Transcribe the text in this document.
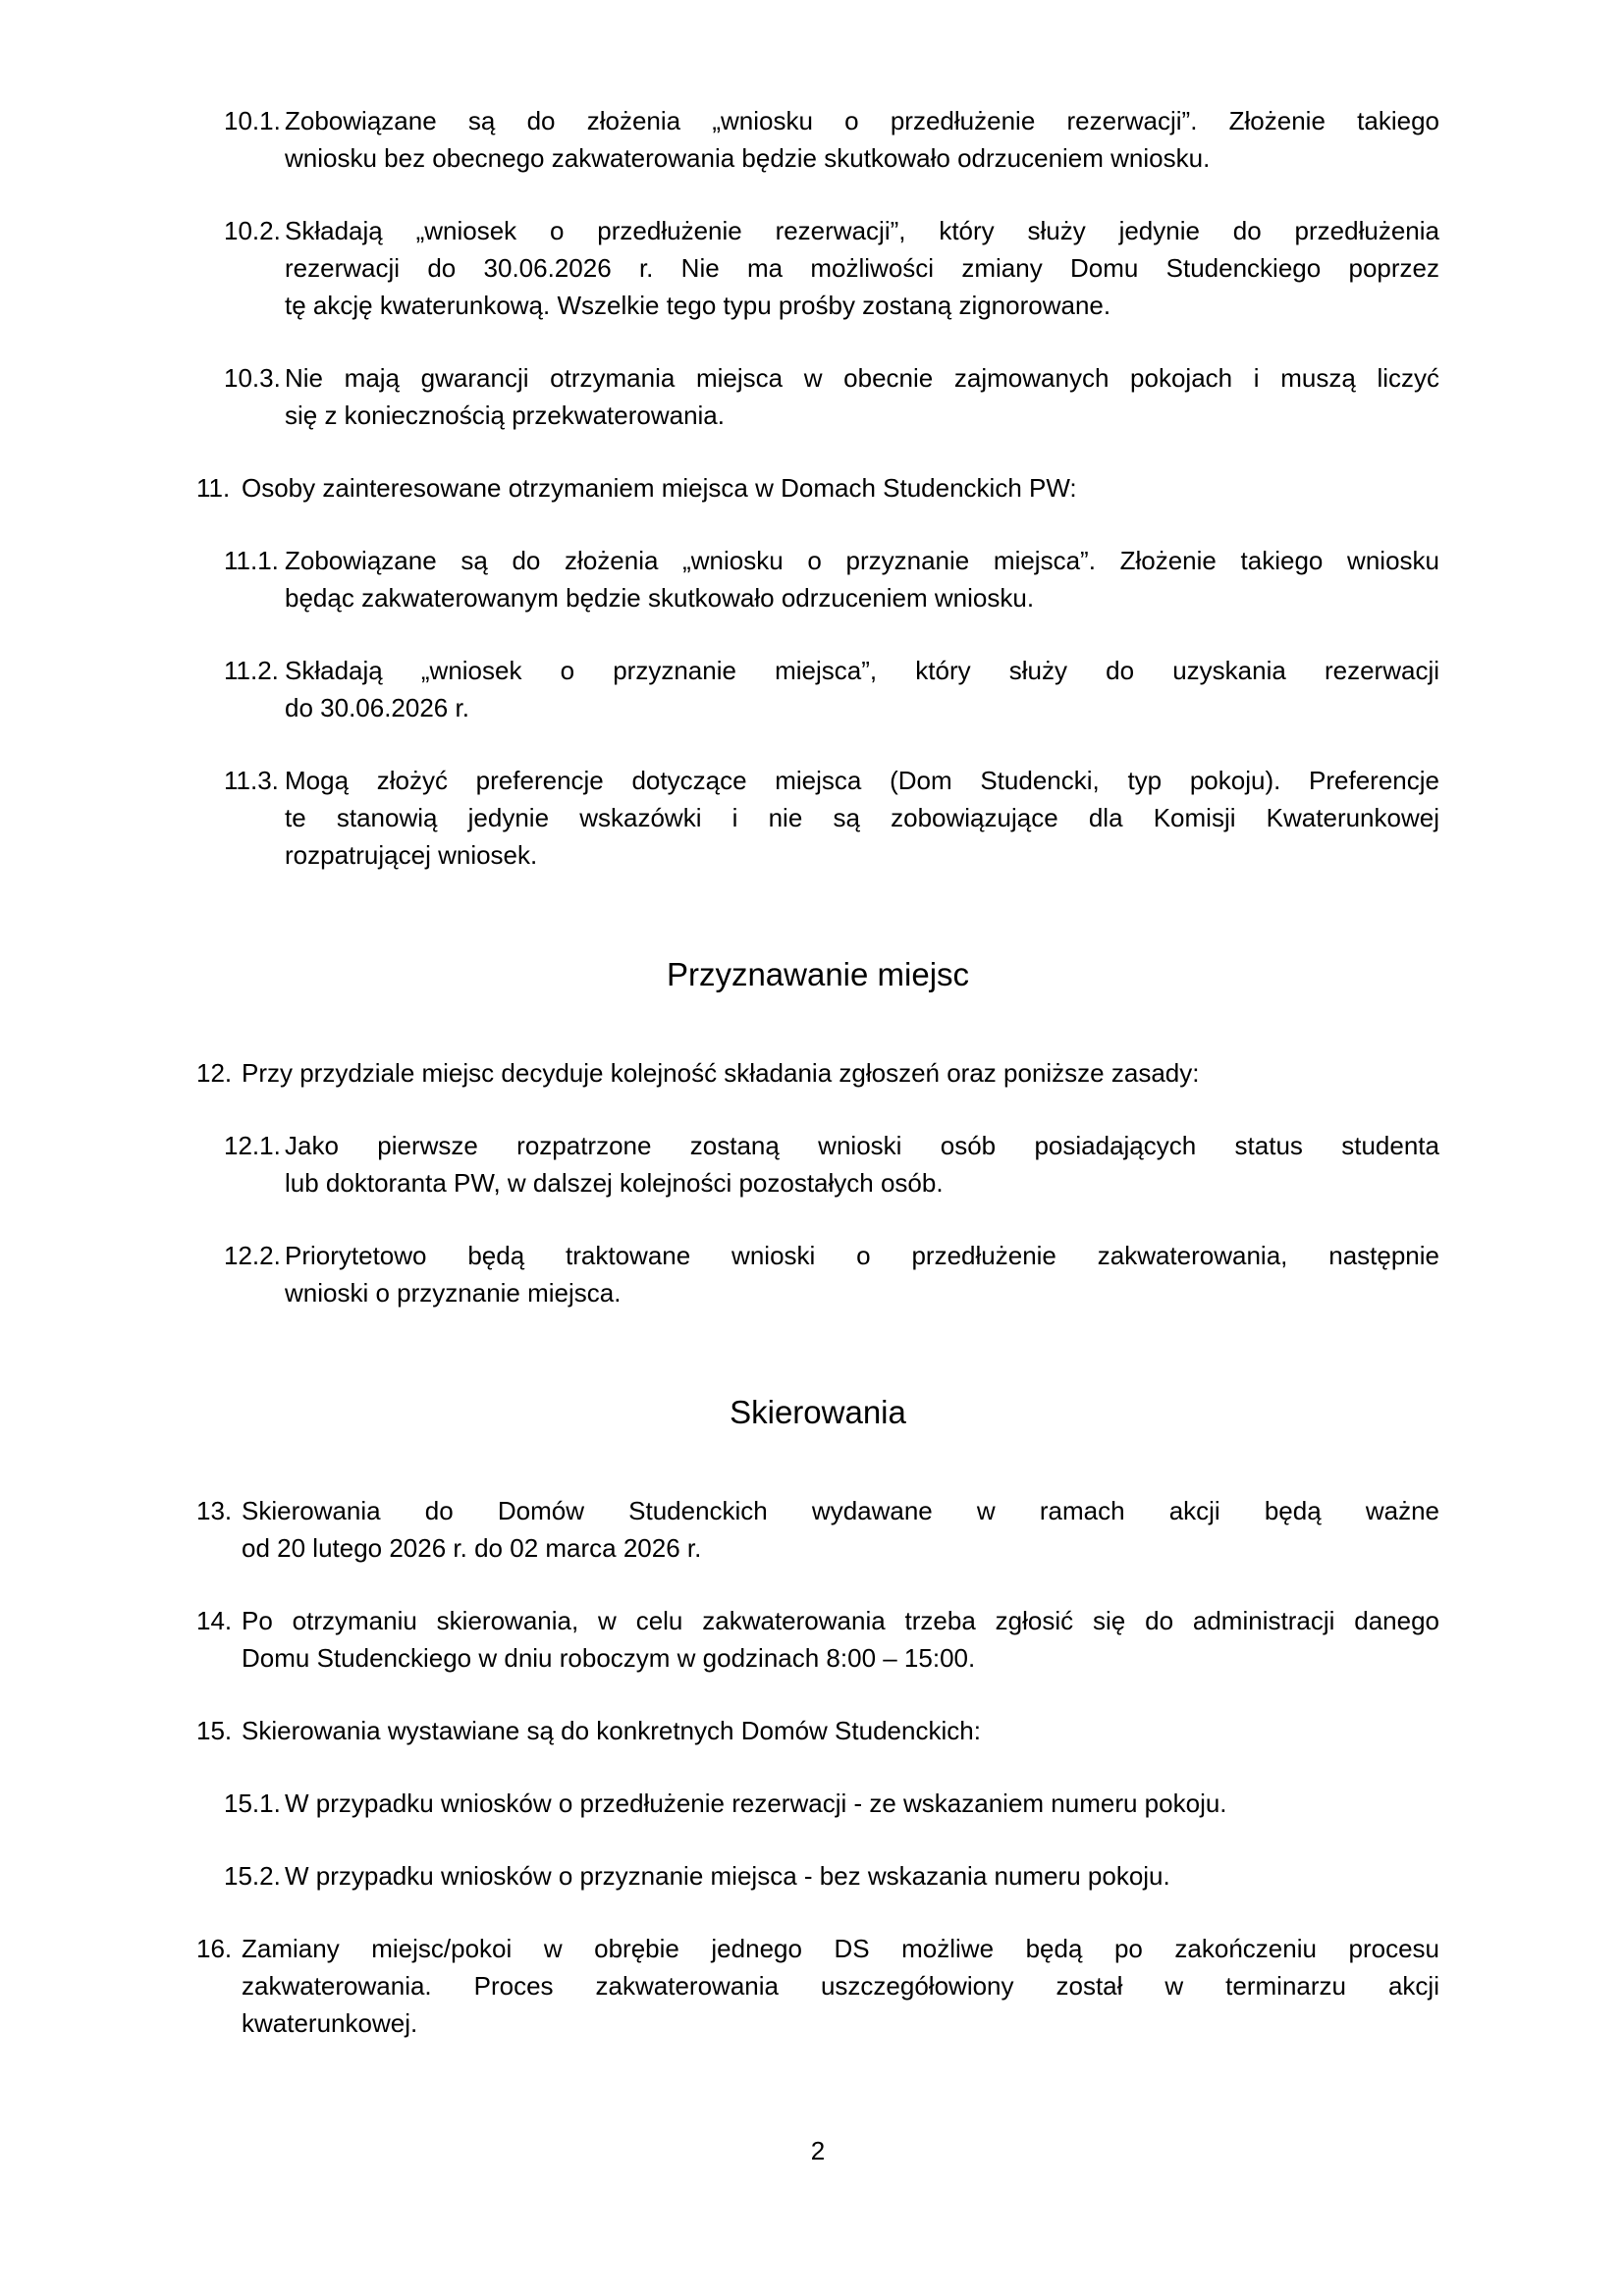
10.1. Zobowiązane są do złożenia „wniosku o przedłużenie rezerwacji”. Złożenie takiego
wniosku bez obecnego zakwaterowania będzie skutkowało odrzuceniem wniosku.
10.2. Składają „wniosek o przedłużenie rezerwacji”, który służy jedynie do przedłużenia
rezerwacji do 30.06.2026 r. Nie ma możliwości zmiany Domu Studenckiego poprzez
tę akcję kwaterunkową. Wszelkie tego typu prośby zostaną zignorowane.
10.3. Nie mają gwarancji otrzymania miejsca w obecnie zajmowanych pokojach i muszą liczyć
się z koniecznością przekwaterowania.
11. Osoby zainteresowane otrzymaniem miejsca w Domach Studenckich PW:
11.1. Zobowiązane są do złożenia „wniosku o przyznanie miejsca”. Złożenie takiego wniosku
będąc zakwaterowanym będzie skutkowało odrzuceniem wniosku.
11.2. Składają „wniosek o przyznanie miejsca”, który służy do uzyskania rezerwacji
do 30.06.2026 r.
11.3. Mogą złożyć preferencje dotyczące miejsca (Dom Studencki, typ pokoju). Preferencje
te stanowią jedynie wskazówki i nie są zobowiązujące dla Komisji Kwaterunkowej
rozpatrującej wniosek.
Przyznawanie miejsc
12. Przy przydziale miejsc decyduje kolejność składania zgłoszeń oraz poniższe zasady:
12.1. Jako pierwsze rozpatrzone zostaną wnioski osób posiadających status studenta
lub doktoranta PW, w dalszej kolejności pozostałych osób.
12.2. Priorytetowo będą traktowane wnioski o przedłużenie zakwaterowania, następnie
wnioski o przyznanie miejsca.
Skierowania
13. Skierowania do Domów Studenckich wydawane w ramach akcji będą ważne
od 20 lutego 2026 r. do 02 marca 2026 r.
14. Po otrzymaniu skierowania, w celu zakwaterowania trzeba zgłosić się do administracji danego
Domu Studenckiego w dniu roboczym w godzinach 8:00 – 15:00.
15. Skierowania wystawiane są do konkretnych Domów Studenckich:
15.1. W przypadku wniosków o przedłużenie rezerwacji - ze wskazaniem numeru pokoju.
15.2. W przypadku wniosków o przyznanie miejsca - bez wskazania numeru pokoju.
16. Zamiany miejsc/pokoi w obrębie jednego DS możliwe będą po zakończeniu procesu
zakwaterowania. Proces zakwaterowania uszczegółowiony został w terminarzu akcji
kwaterunkowej.
2
